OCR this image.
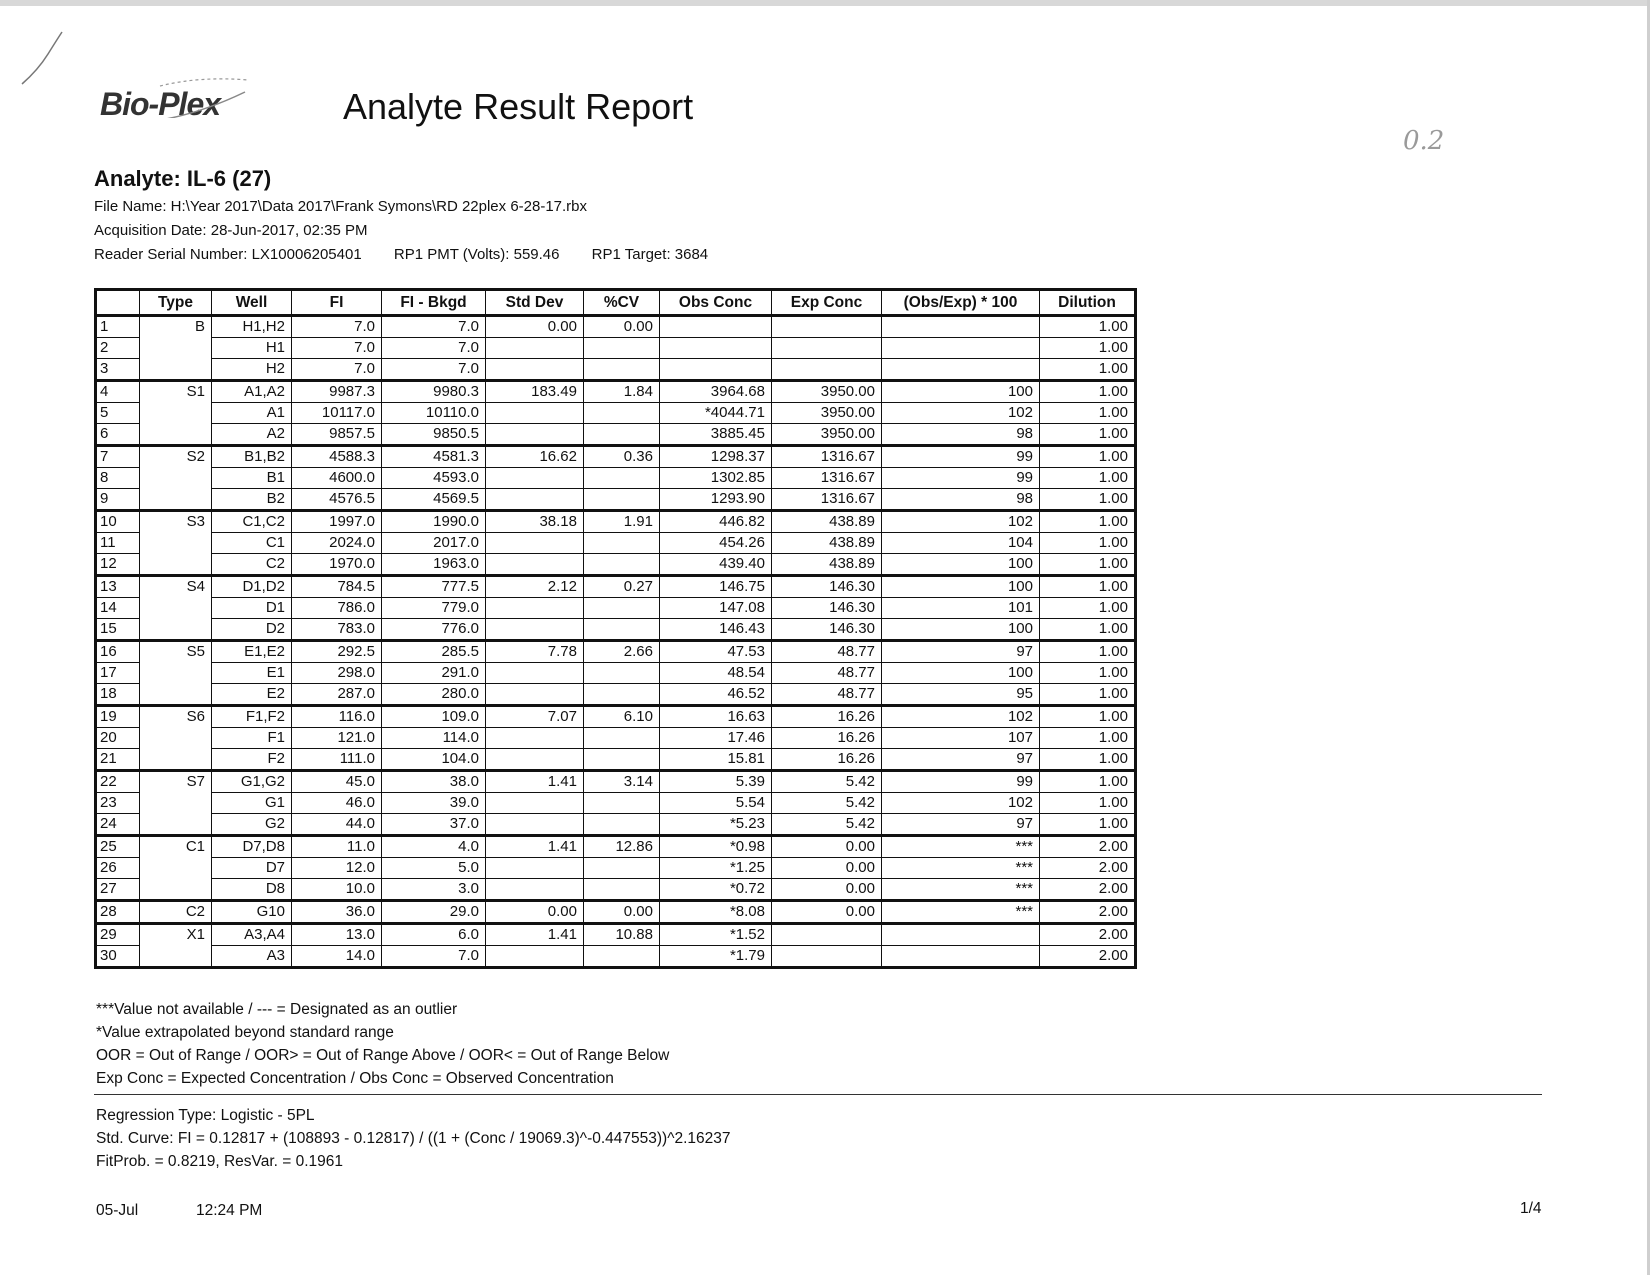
Bio-Plex	Analyte Result Report
0.2
Analyte: IL-6 (27)
File Name: H:\Year 2017\Data 2017\Frank Symons\RD 22plex 6-28-17.rbx
Acquisition Date: 28-Jun-2017, 02:35 PM
Reader Serial Number: LX10006205401 RP1 PMT (Volts): 559.46 RP1 Target: 3684
	Type	Well	FI	FI - Bkgd	Std Dev	%CV	Obs Conc	Exp Conc	(Obs/Exp) * 100	Dilution
1	B	H1,H2	7.0	7.0	0.00	0.00				1.00
2		H1	7.0	7.0						1.00
3		H2	7.0	7.0						1.00
4	S1	A1,A2	9987.3	9980.3	183.49	1.84	3964.68	3950.00	100	1.00
5		A1	10117.0	10110.0			*4044.71	3950.00	102	1.00
6		A2	9857.5	9850.5			3885.45	3950.00	98	1.00
7	S2	B1,B2	4588.3	4581.3	16.62	0.36	1298.37	1316.67	99	1.00
8		B1	4600.0	4593.0			1302.85	1316.67	99	1.00
9		B2	4576.5	4569.5			1293.90	1316.67	98	1.00
10	S3	C1,C2	1997.0	1990.0	38.18	1.91	446.82	438.89	102	1.00
11		C1	2024.0	2017.0			454.26	438.89	104	1.00
12		C2	1970.0	1963.0			439.40	438.89	100	1.00
13	S4	D1,D2	784.5	777.5	2.12	0.27	146.75	146.30	100	1.00
14		D1	786.0	779.0			147.08	146.30	101	1.00
15		D2	783.0	776.0			146.43	146.30	100	1.00
16	S5	E1,E2	292.5	285.5	7.78	2.66	47.53	48.77	97	1.00
17		E1	298.0	291.0			48.54	48.77	100	1.00
18		E2	287.0	280.0			46.52	48.77	95	1.00
19	S6	F1,F2	116.0	109.0	7.07	6.10	16.63	16.26	102	1.00
20		F1	121.0	114.0			17.46	16.26	107	1.00
21		F2	111.0	104.0			15.81	16.26	97	1.00
22	S7	G1,G2	45.0	38.0	1.41	3.14	5.39	5.42	99	1.00
23		G1	46.0	39.0			5.54	5.42	102	1.00
24		G2	44.0	37.0			*5.23	5.42	97	1.00
25	C1	D7,D8	11.0	4.0	1.41	12.86	*0.98	0.00	***	2.00
26		D7	12.0	5.0			*1.25	0.00	***	2.00
27		D8	10.0	3.0			*0.72	0.00	***	2.00
28	C2	G10	36.0	29.0	0.00	0.00	*8.08	0.00	***	2.00
29	X1	A3,A4	13.0	6.0	1.41	10.88	*1.52			2.00
30		A3	14.0	7.0			*1.79			2.00
***Value not available / --- = Designated as an outlier
*Value extrapolated beyond standard range
OOR = Out of Range / OOR> = Out of Range Above / OOR< = Out of Range Below
Exp Conc = Expected Concentration / Obs Conc = Observed Concentration
Regression Type: Logistic - 5PL
Std. Curve: FI = 0.12817 + (108893 - 0.12817) / ((1 + (Conc / 19069.3)^-0.447553))^2.16237
FitProb. = 0.8219, ResVar. = 0.1961
05-Jul	12:24 PM	1/4
